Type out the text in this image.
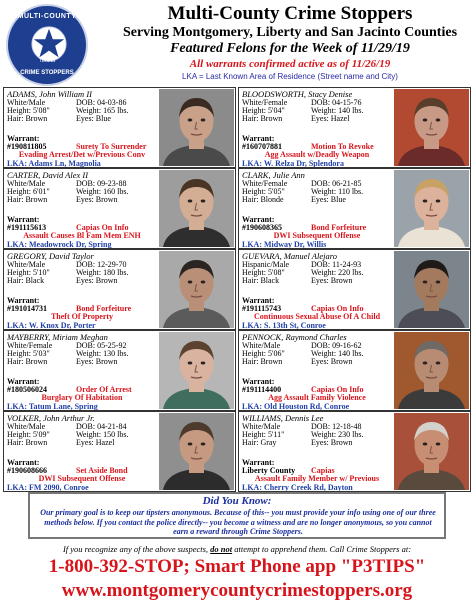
MULTI-COUNTY
TEXAS
CRIME STOPPERS
Multi-County Crime Stoppers
Serving Montgomery, Liberty and San Jacinto Counties
Featured Felons for the Week of 11/29/19
All warrants confirmed active as of 11/26/19
LKA = Last Known Area of Residence (Street name and City)
ADAMS, John William II
White/Male	DOB: 04-03-86
Height: 5'08"	Weight: 165 lbs.
Hair: Brown	Eyes: Blue
Warrant:
#190811805	Surety To Surrender
Evading Arrest/Det w/Previous Conv
LKA: Adams Ln, Magnolia
BLOODSWORTH, Stacy Denise
White/Female	DOB: 04-15-76
Height: 5'04"	Weight: 140 lbs.
Hair: Brown	Eyes: Hazel
Warrant:
#160707881	Motion To Revoke
Agg Assault w/Deadly Weapon
LKA: W. Relza Dr, Splendora
CARTER, David Alex II
White/Male	DOB: 09-23-88
Height: 6'01"	Weight: 160 lbs.
Hair: Brown	Eyes: Brown
Warrant:
#191115613	Capias On Info
Assault Causes Bl Fam Mem ENH
LKA: Meadowrock Dr, Spring
CLARK, Julie Ann
White/Female	DOB: 06-21-85
Height: 5'05"	Weight: 110 lbs.
Hair: Blonde	Eyes: Blue
Warrant:
#190608365	Bond Forfeiture
DWI Subsequent Offense
LKA: Midway Dr, Willis
GREGORY, David Taylor
White/Male	DOB: 12-29-70
Height: 5'10"	Weight: 180 lbs.
Hair: Black	Eyes: Brown
Warrant:
#191014731	Bond Forfeiture
Theft Of Property
LKA: W. Knox Dr, Porter
GUEVARA, Manuel Alejaro
Hispanic/Male	DOB: 11-24-93
Height: 5'08"	Weight: 220 lbs.
Hair: Black	Eyes: Brown
Warrant:
#191115743	Capias On Info
Continuous Sexual Abuse Of A Child
LKA: S. 13th St, Conroe
MAYBERRY, Miriam Meghan
White/Female	DOB: 05-25-92
Height: 5'03"	Weight: 130 lbs.
Hair: Brown	Eyes: Brown
Warrant:
#180506024	Order Of Arrest
Burglary Of Habitation
LKA: Tatum Lane, Spring
PENNOCK, Raymond Charles
White/Male	DOB: 09-16-62
Height: 5'06"	Weight: 140 lbs.
Hair: Brown	Eyes: Brown
Warrant:
#191114400	Capias On Info
Agg Assault Family Violence
LKA: Old Houston Rd, Conroe
VOLKER, John Arthur Jr.
White/Male	DOB: 04-21-84
Height: 5'09"	Weight: 150 lbs.
Hair: Brown	Eyes: Hazel
Warrant:
#190608666	Set Aside Bond
DWI Subsequent Offense
LKA: FM 2090, Conroe
WILLIAMS, Dennis Lee
White/Male	DOB: 12-18-48
Height: 5'11"	Weight: 230 lbs.
Hair: Gray	Eyes: Brown
Warrant:
Liberty County Capias
Assault Family Member w/ Previous
LKA: Cherry Creek Rd, Dayton
Did You Know:
Our primary goal is to keep our tipsters anonymous. Because of this-- you must provide your info using one of our three methods below. If you contact the police directly-- you become a witness and are no longer anonymous, so you cannot earn a reward through Crime Stoppers.
If you recognize any of the above suspects, do not attempt to apprehend them. Call Crime Stoppers at:
1-800-392-STOP; Smart Phone app "P3TIPS"
www.montgomerycountycrimestoppers.org
